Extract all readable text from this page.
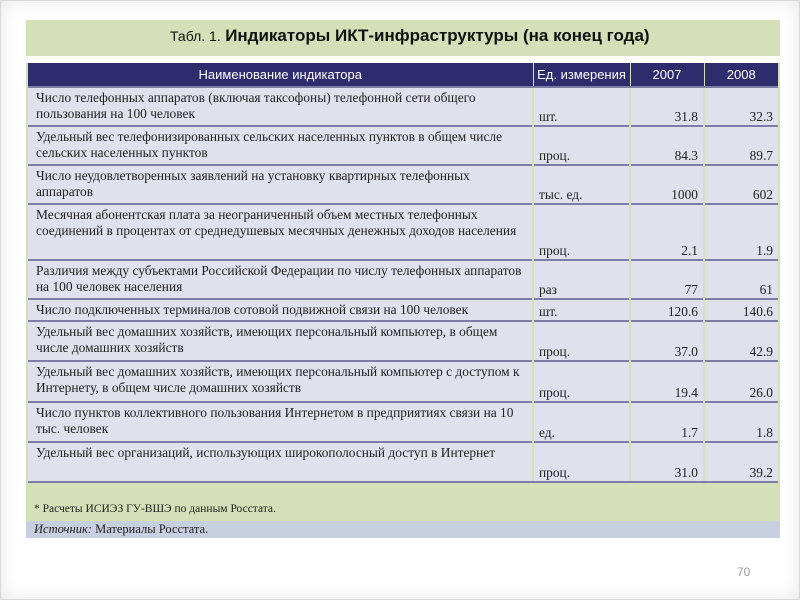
Табл. 1. Индикаторы ИКТ-инфраструктуры (на конец года)
Наименование индикатора	Ед. измерения	2007	2008
Число телефонных аппаратов (включая таксофоны) телефонной сети общего пользования на 100 человек	шт.	31.8	32.3
Удельный вес телефонизированных сельских населенных пунктов в общем числе сельских населенных пунктов	проц.	84.3	89.7
Число неудовлетворенных заявлений на установку квартирных телефонных аппаратов	тыс. ед.	1000	602
Месячная абонентская плата за неограниченный объем местных телефонных соединений в процентах от среднедушевых месячных денежных доходов населения	проц.	2.1	1.9
Различия между субъектами Российской Федерации по числу телефонных аппаратов на 100 человек населения	раз	77	61
Число подключенных терминалов сотовой подвижной связи на 100 человек	шт.	120.6	140.6
Удельный вес домашних хозяйств, имеющих персональный компьютер, в общем числе домашних хозяйств	проц.	37.0	42.9
Удельный вес домашних хозяйств, имеющих персональный компьютер с доступом к Интернету, в общем числе домашних хозяйств	проц.	19.4	26.0
Число пунктов коллективного пользования Интернетом в предприятиях связи на 10 тыс. человек	ед.	1.7	1.8
Удельный вес организаций, использующих широкополосный доступ в Интернет	проц.	31.0	39.2
* Расчеты ИСИЭЗ ГУ-ВШЭ по данным Росстата.
Источник: Материалы Росстата.
70
